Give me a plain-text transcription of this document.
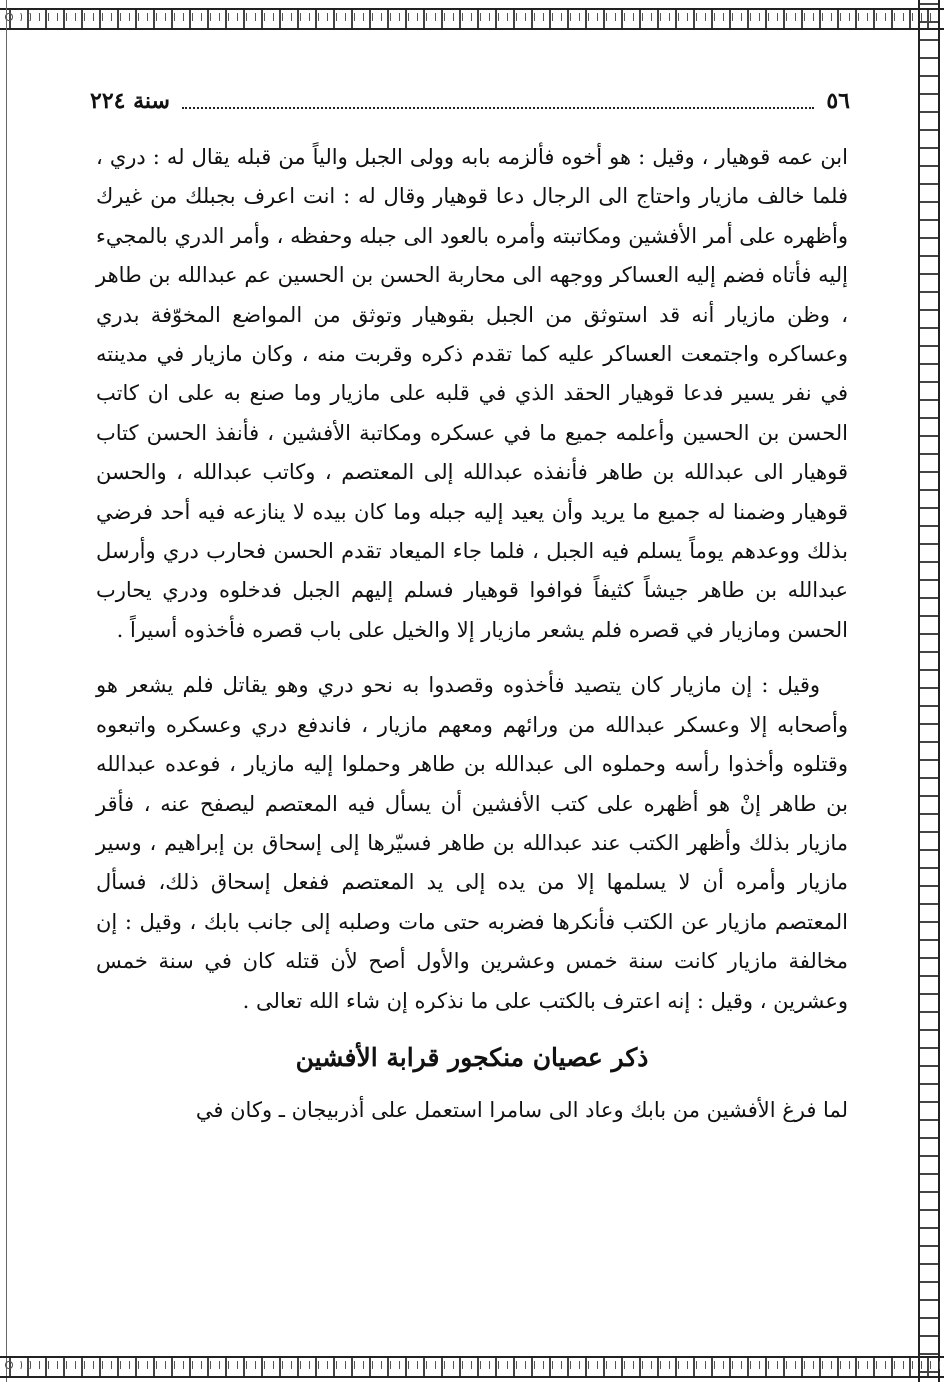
٥٦
سنة ٢٢٤

ابن عمه قوهيار ، وقيل : هو أخوه فألزمه بابه وولى الجبل والياً من قبله يقال له : دري ، فلما خالف مازيار واحتاج الى الرجال دعا قوهيار وقال له : انت اعرف بجبلك من غيرك وأظهره على أمر الأفشين ومكاتبته وأمره بالعود الى جبله وحفظه ، وأمر الدري بالمجيء إليه فأتاه فضم إليه العساكر ووجهه الى محاربة الحسن بن الحسين عم عبدالله بن طاهر ، وظن مازيار أنه قد استوثق من الجبل بقوهيار وتوثق من المواضع المخوّفة بدري وعساكره واجتمعت العساكر عليه كما تقدم ذكره وقربت منه ، وكان مازيار في مدينته في نفر يسير فدعا قوهيار الحقد الذي في قلبه على مازيار وما صنع به على ان كاتب الحسن بن الحسين وأعلمه جميع ما في عسكره ومكاتبة الأفشين ، فأنفذ الحسن كتاب قوهيار الى عبدالله بن طاهر فأنفذه عبدالله إلى المعتصم ، وكاتب عبدالله ، والحسن قوهيار وضمنا له جميع ما يريد وأن يعيد إليه جبله وما كان بيده لا ينازعه فيه أحد فرضي بذلك ووعدهم يوماً يسلم فيه الجبل ، فلما جاء الميعاد تقدم الحسن فحارب دري وأرسل عبدالله بن طاهر جيشاً كثيفاً فوافوا قوهيار فسلم إليهم الجبل فدخلوه ودري يحارب الحسن ومازيار في قصره فلم يشعر مازيار إلا والخيل على باب قصره فأخذوه أسيراً .

وقيل : إن مازيار كان يتصيد فأخذوه وقصدوا به نحو دري وهو يقاتل فلم يشعر هو وأصحابه إلا وعسكر عبدالله من ورائهم ومعهم مازيار ، فاندفع دري وعسكره واتبعوه وقتلوه وأخذوا رأسه وحملوه الى عبدالله بن طاهر وحملوا إليه مازيار ، فوعده عبدالله بن طاهر إنْ هو أظهره على كتب الأفشين أن يسأل فيه المعتصم ليصفح عنه ، فأقر مازيار بذلك وأظهر الكتب عند عبدالله بن طاهر فسيّرها إلى إسحاق بن إبراهيم ، وسير مازيار وأمره أن لا يسلمها إلا من يده إلى يد المعتصم ففعل إسحاق ذلك، فسأل المعتصم مازيار عن الكتب فأنكرها فضربه حتى مات وصلبه إلى جانب بابك ، وقيل : إن مخالفة مازيار كانت سنة خمس وعشرين والأول أصح لأن قتله كان في سنة خمس وعشرين ، وقيل : إنه اعترف بالكتب على ما نذكره إن شاء الله تعالى .

ذكر عصيان منكجور قرابة الأفشين

لما فرغ الأفشين من بابك وعاد الى سامرا استعمل على أذربيجان ـ وكان في
